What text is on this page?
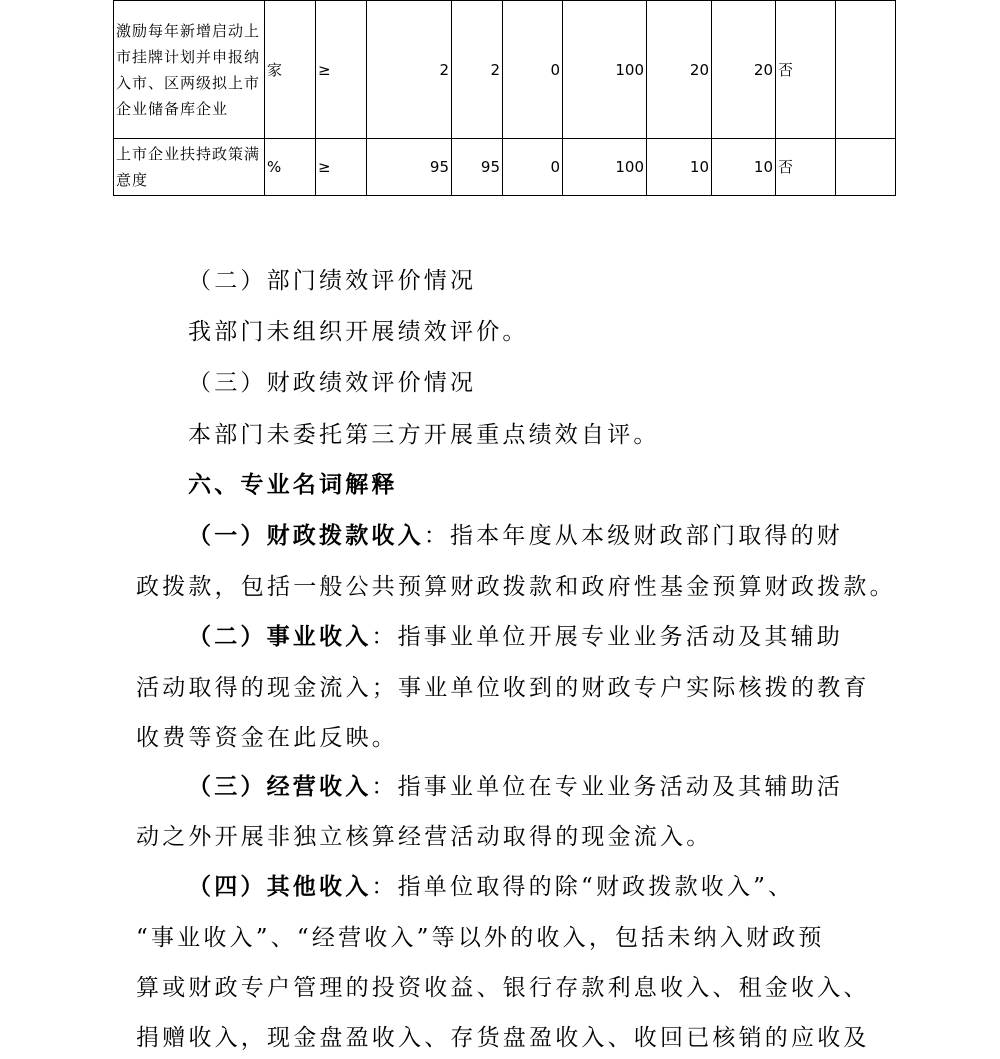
激励每年新增启动上市挂牌计划并申报纳入市、区两级拟上市企业储备库企业	家	≥	2	2	0	100	20	20	否	
上市企业扶持政策满意度	%	≥	95	95	0	100	10	10	否	
（二）部门绩效评价情况
我部门未组织开展绩效评价。
（三）财政绩效评价情况
本部门未委托第三方开展重点绩效自评。
六、专业名词解释
（一）财政拨款收入：指本年度从本级财政部门取得的财
政拨款，包括一般公共预算财政拨款和政府性基金预算财政拨款。
（二）事业收入：指事业单位开展专业业务活动及其辅助
活动取得的现金流入；事业单位收到的财政专户实际核拨的教育
收费等资金在此反映。
（三）经营收入：指事业单位在专业业务活动及其辅助活
动之外开展非独立核算经营活动取得的现金流入。
（四）其他收入：指单位取得的除“财政拨款收入”、
“事业收入”、“经营收入”等以外的收入，包括未纳入财政预
算或财政专户管理的投资收益、银行存款利息收入、租金收入、
捐赠收入，现金盘盈收入、存货盘盈收入、收回已核销的应收及
